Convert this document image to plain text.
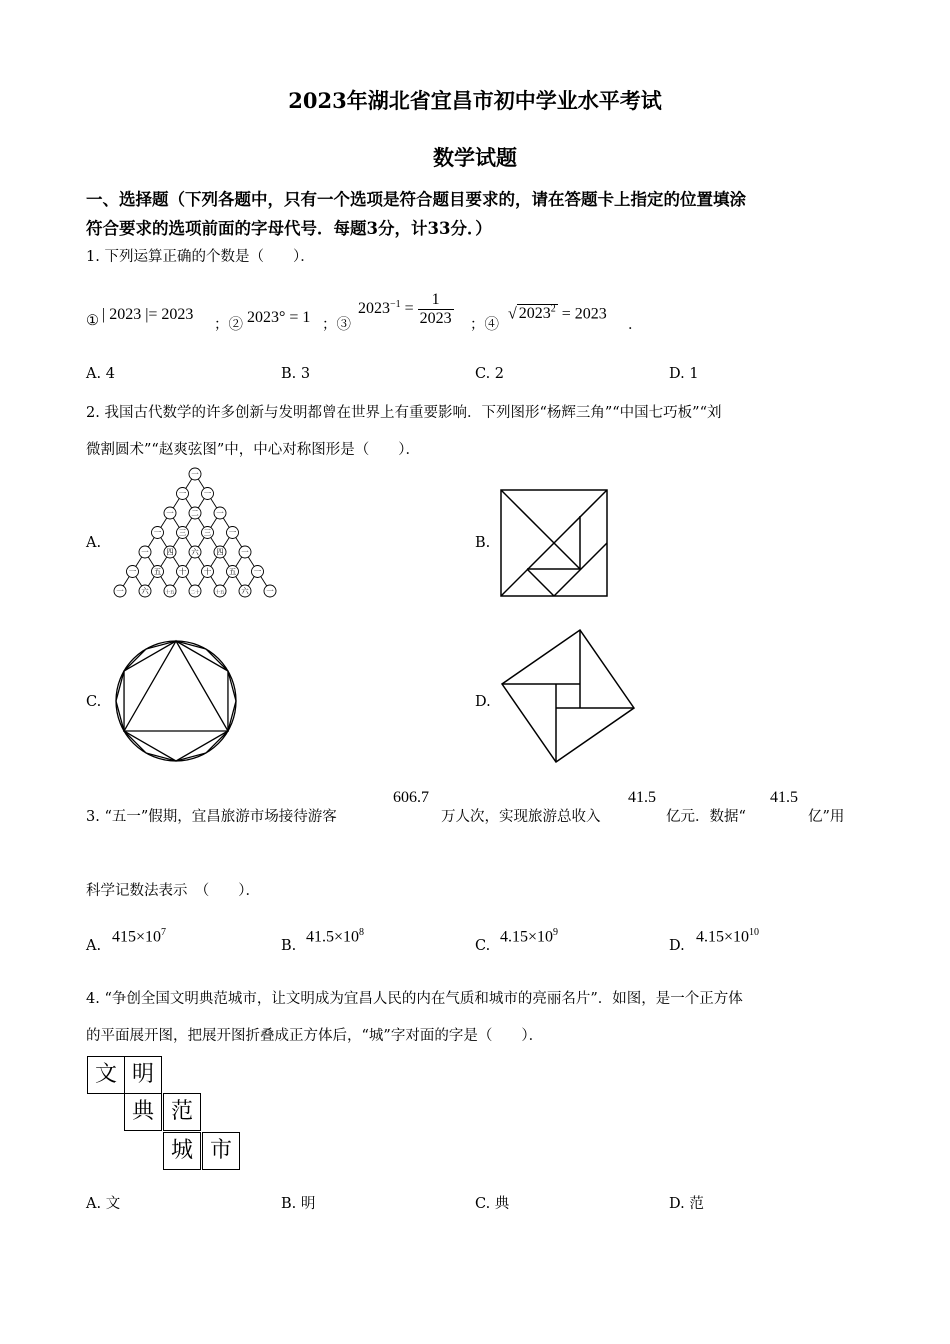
2023年湖北省宜昌市初中学业水平考试
数学试题
一、选择题（下列各题中，只有一个选项是符合题目要求的，请在答题卡上指定的位置填涂
符合要求的选项前面的字母代号．每题3分，计33分．）
1. 下列运算正确的个数是（　　）．
① | 2023 |= 2023
；② 2023° = 1 ；③
$2023^{-1} = \frac{1}{2023}$ ；④
√ $2023^2 = 2023$
．
A. 4	B. 3	C. 2	D. 1
2. 我国古代数学的许多创新与发明都曾在世界上有重要影响．下列图形“杨辉三角”“中国七巧板”“刘
微割圆术”“赵爽弦图”中，中心对称图形是（　　）．
A.
一
一 一
一 二 一
一 三 三 一
一 四 六 四 一
一 五 十 十 五 一
一 六	十五	二十	十五 六 一
B.
C.	D.
3. “五一”假期，宜昌旅游市场接待游客
606.7
万人次，实现旅游总收入
41.5
亿元．数据“
41.5
亿”用
科学记数法表示　（　　）．
A.
$415\times 10^7$
B.
$41.5\times 10^8$
C.
$4.15\times 10^9$
D.
$4.15\times 10^{10}$
4. “争创全国文明典范城市，让文明成为宜昌人民的内在气质和城市的亮丽名片”．如图，是一个正方体
的平面展开图，把展开图折叠成正方体后，“城”字对面的字是（　　）．
文 明
典 范
城 市
A. 文	B. 明	C. 典	D. 范
